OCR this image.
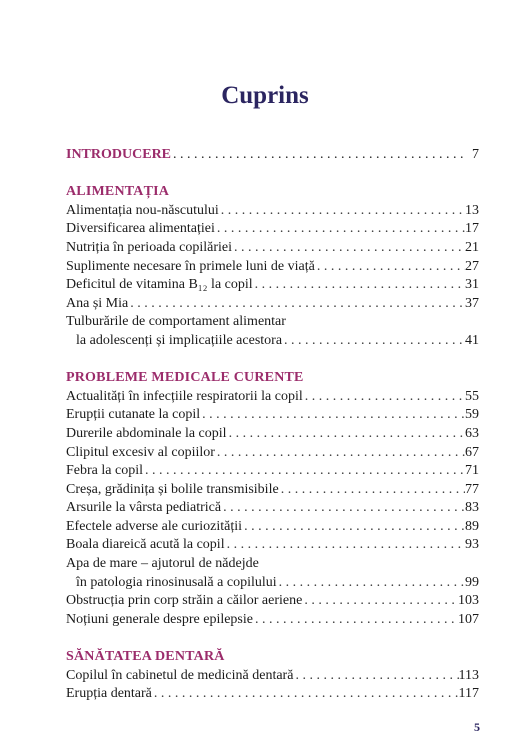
Cuprins
INTRODUCERE . . .	7
ALIMENTAȚIA
Alimentația nou-născutului . . .	13
Diversificarea alimentației . . .	17
Nutriția în perioada copilăriei . . .	21
Suplimente necesare în primele luni de viață . . .	27
Deficitul de vitamina B₁₂ la copil . . .	31
Ana și Mia . . .	37
Tulburările de comportament alimentar
la adolescenți și implicațiile acestora . . .	41
PROBLEME MEDICALE CURENTE
Actualități în infecțiile respiratorii la copil . . .	55
Erupții cutanate la copil . . .	59
Durerile abdominale la copil . . .	63
Clipitul excesiv al copiilor . . .	67
Febra la copil . . .	71
Creșa, grădinița și bolile transmisibile . . .	77
Arsurile la vârsta pediatrică . . .	83
Efectele adverse ale curiozității . . .	89
Boala diareică acută la copil . . .	93
Apa de mare – ajutorul de nădejde
în patologia rinosinusală a copilului . . .	99
Obstrucția prin corp străin a căilor aeriene . . .	103
Noțiuni generale despre epilepsie . . .	107
SĂNĂTATEA DENTARĂ
Copilul în cabinetul de medicină dentară . . .	113
Erupția dentară . . .	117
5
